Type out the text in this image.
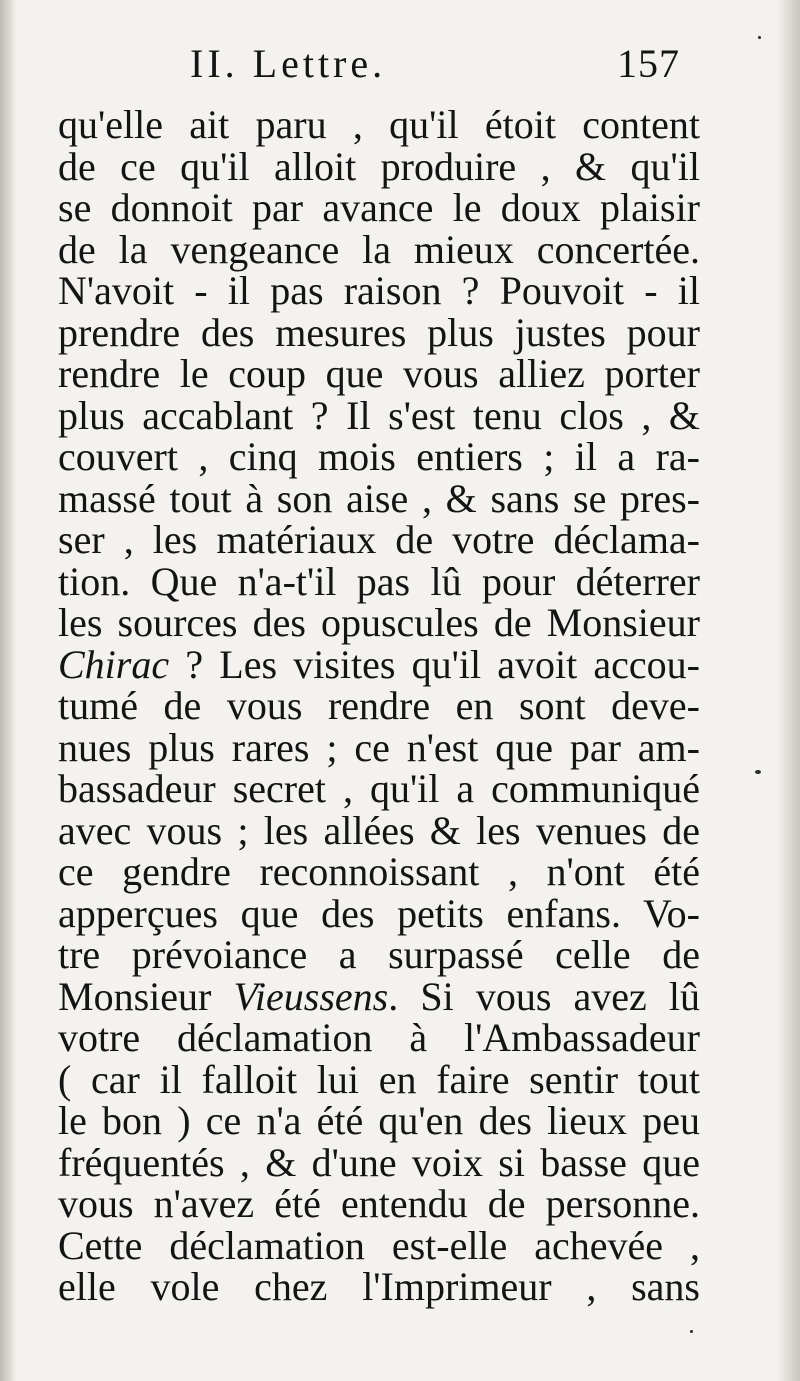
II. Lettre.	157
qu'elle ait paru , qu'il étoit content
de ce qu'il alloit produire , & qu'il
se donnoit par avance le doux plaisir
de la vengeance la mieux concertée.
N'avoit - il pas raison ? Pouvoit - il
prendre des mesures plus justes pour
rendre le coup que vous alliez porter
plus accablant ? Il s'est tenu clos , &
couvert , cinq mois entiers ; il a ra-
massé tout à son aise , & sans se pres-
ser , les matériaux de votre déclama-
tion. Que n'a-t'il pas lû pour déterrer
les sources des opuscules de Monsieur
Chirac ? Les visites qu'il avoit accou-
tumé de vous rendre en sont deve-
nues plus rares ; ce n'est que par am-
bassadeur secret , qu'il a communiqué
avec vous ; les allées & les venues de
ce gendre reconnoissant , n'ont été
apperçues que des petits enfans. Vo-
tre prévoiance a surpassé celle de
Monsieur Vieussens. Si vous avez lû
votre déclamation à l'Ambassadeur
( car il falloit lui en faire sentir tout
le bon ) ce n'a été qu'en des lieux peu
fréquentés , & d'une voix si basse que
vous n'avez été entendu de personne.
Cette déclamation est-elle achevée ,
elle vole chez l'Imprimeur , sans
